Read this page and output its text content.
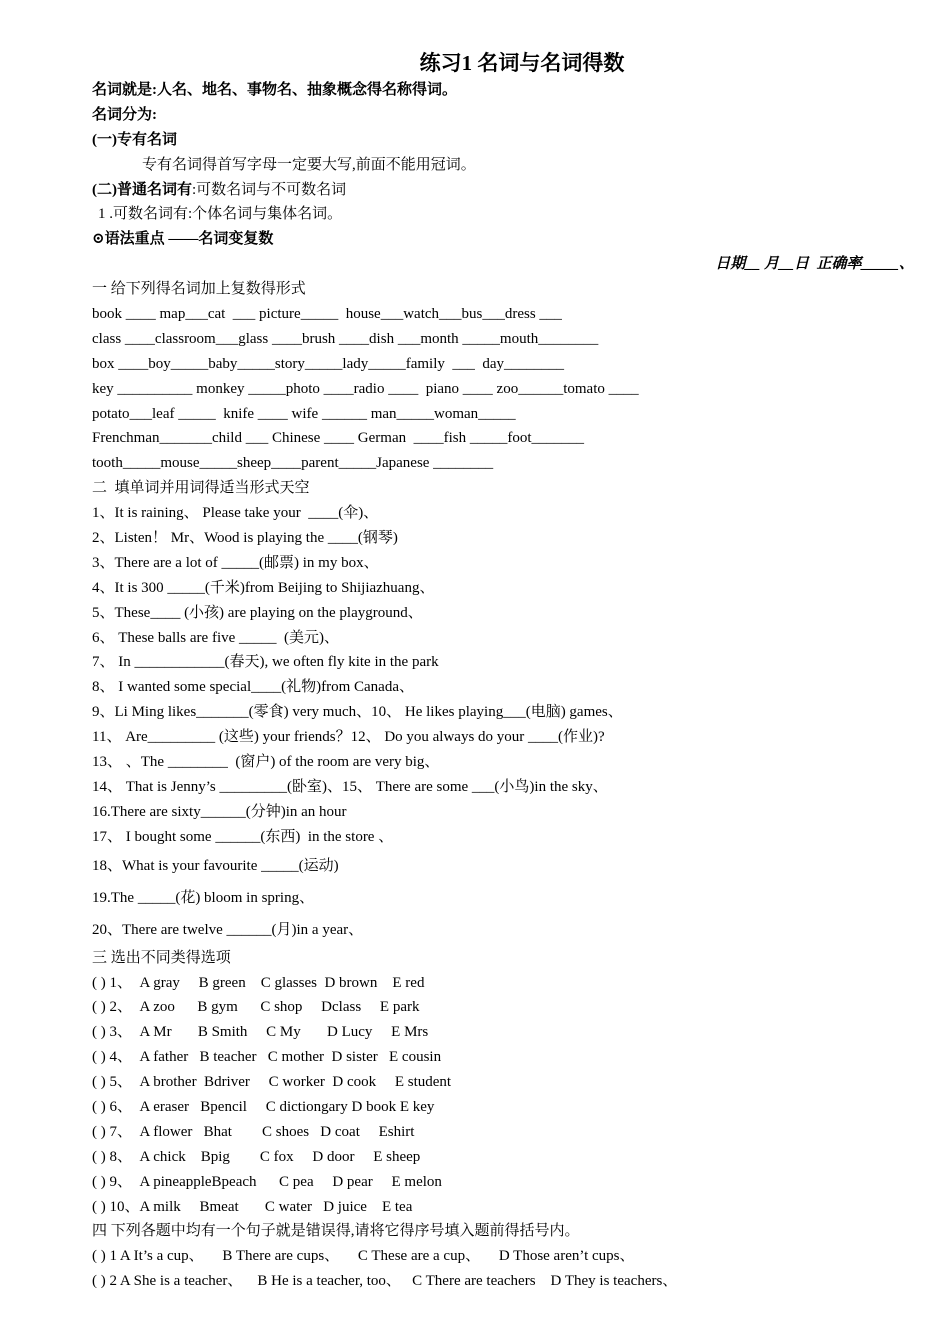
练习1 名词与名词得数
名词就是:人名、地名、事物名、抽象概念得名称得词。
名词分为:
(一)专有名词
专有名词得首写字母一定要大写,前面不能用冠词。
(二)普通名词有:可数名词与不可数名词
1 .可数名词有:个体名词与集体名词。
⊙语法重点 ——名词变复数
日期__ 月__日  正确率_____、
一 给下列得名词加上复数得形式
book ____ map___cat  ___ picture_____  house___watch___bus___dress ___
class ____classroom___glass ____brush ____dish ___month _____mouth________
box ____boy_____baby_____story_____lady_____family  ___  day________
key __________ monkey _____photo ____radio ____  piano ____ zoo______tomato ____
potato___leaf _____  knife ____ wife ______ man_____woman_____
Frenchman_______child ___ Chinese ____ German  ____fish _____foot_______
tooth_____mouse_____sheep____parent_____Japanese ________
二  填单词并用词得适当形式天空
1、It is raining、 Please take your  ____(伞)、
2、Listen！ Mr、Wood is playing the ____(钢琴)
3、There are a lot of _____(邮票) in my box、
4、It is 300 _____(千米)from Beijing to Shijiazhuang、
5、These____ (小孩) are playing on the playground、
6、 These balls are five _____  (美元)、
7、 In ____________(春天), we often fly kite in the park
8、 I wanted some special____(礼物)from Canada、
9、Li Ming likes_______(零食) very much、10、 He likes playing___(电脑) games、
11、 Are_________ (这些) your friends？12、 Do you always do your ____(作业)?
13、 、The ________  (窗户) of the room are very big、
14、 That is Jenny’s _________(卧室)、15、 There are some ___(小鸟)in the sky、
16.There are sixty______(分钟)in an hour
17、 I bought some ______(东西)  in the store 、
18、What is your favourite _____(运动)
19.The _____(花) bloom in spring、
20、There are twelve ______(月)in a year、
三 选出不同类得选项
( ) 1、  A gray     B green    C glasses  D brown    E red
( ) 2、  A zoo      B gym      C shop     Dclass     E park
( ) 3、  A Mr       B Smith     C My       D Lucy     E Mrs
( ) 4、  A father   B teacher   C mother  D sister   E cousin
( ) 5、  A brother  Bdriver     C worker  D cook     E student
( ) 6、  A eraser   Bpencil     C dictiongary D book E key
( ) 7、  A flower   Bhat        C shoes   D coat     Eshirt
( ) 8、  A chick    Bpig        C fox     D door     E sheep
( ) 9、  A pineappleBpeach      C pea     D pear     E melon
( ) 10、A milk     Bmeat       C water   D juice    E tea
四 下列各题中均有一个句子就是错误得,请将它得序号填入题前得括号内。
( ) 1 A It’s a cup、     B There are cups、     C These are a cup、     D Those aren’t cups、
( ) 2 A She is a teacher、    B He is a teacher, too、   C There are teachers    D They is teachers、
